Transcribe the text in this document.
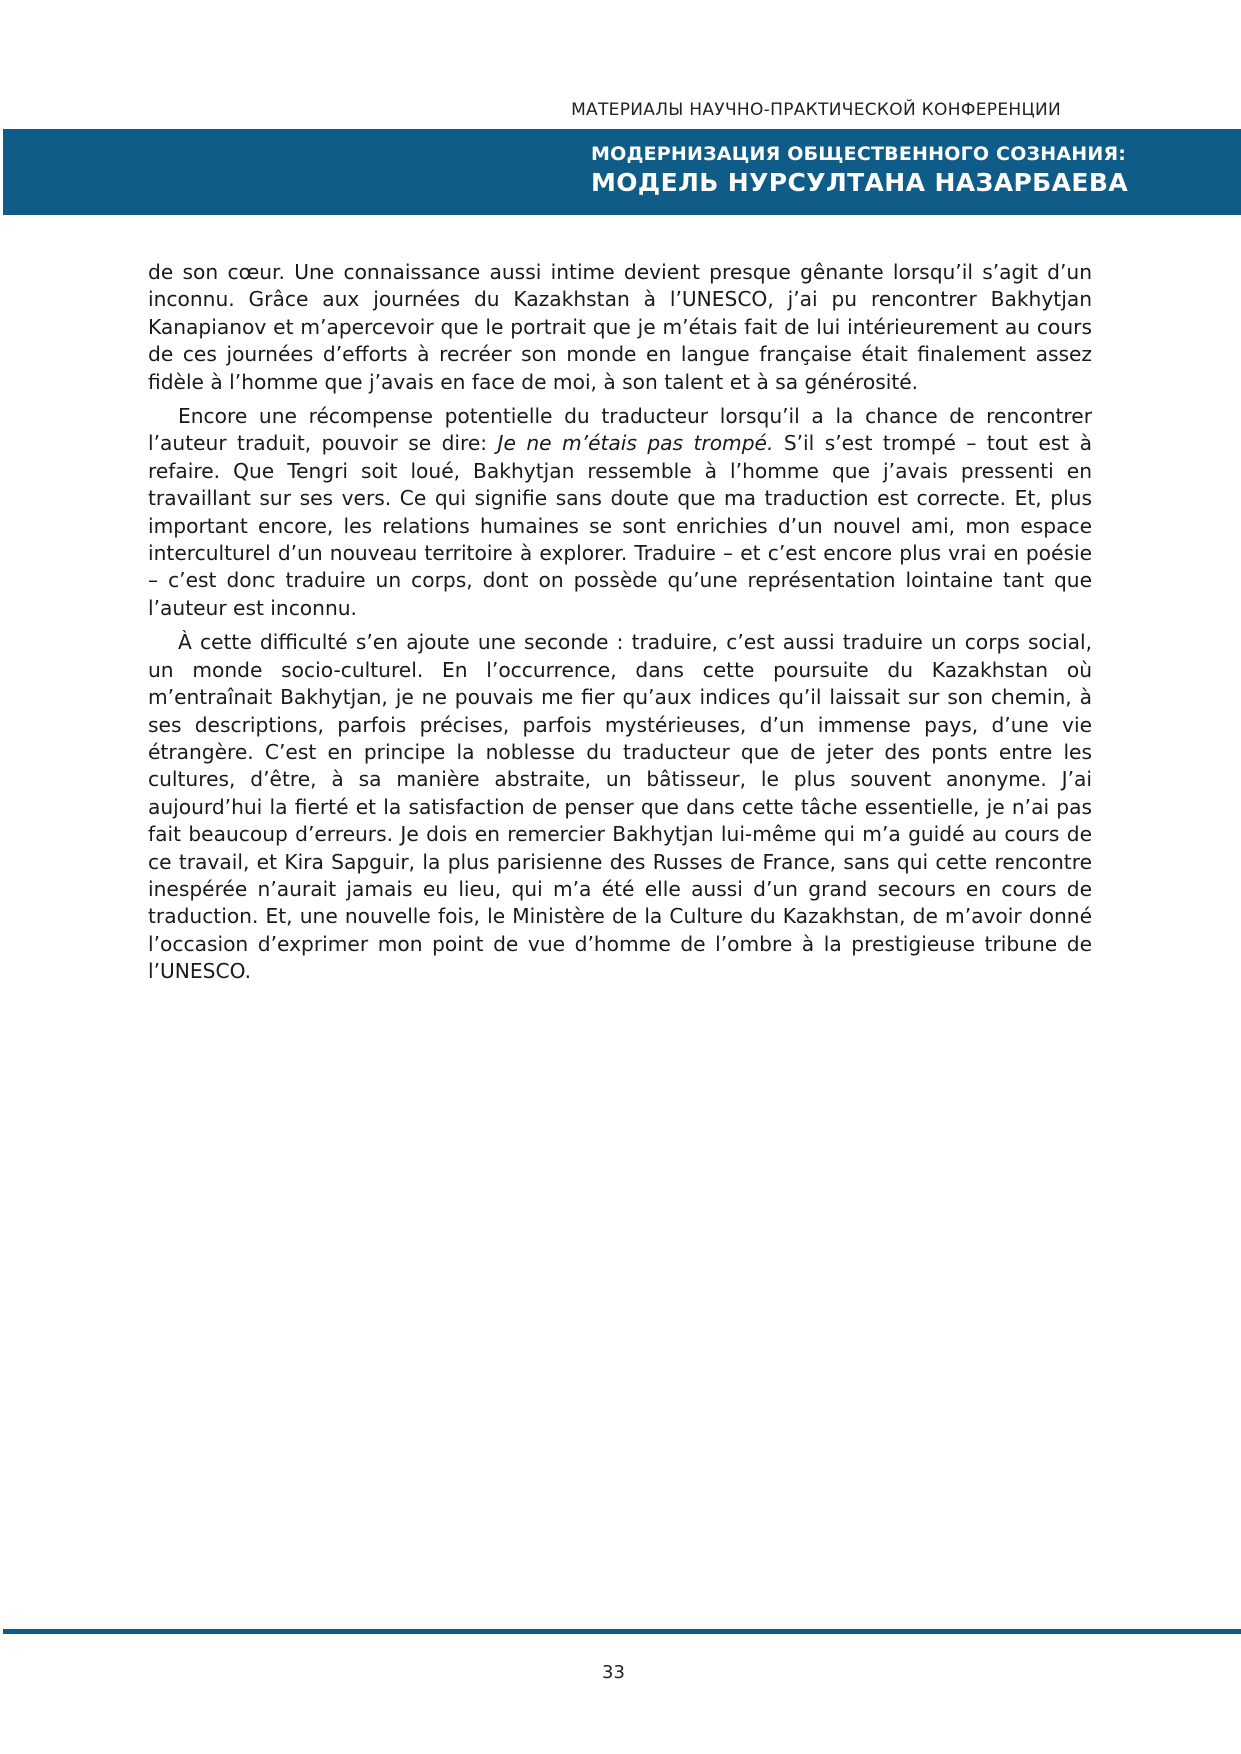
МАТЕРИАЛЫ НАУЧНО-ПРАКТИЧЕСКОЙ КОНФЕРЕНЦИИ
МОДЕРНИЗАЦИЯ ОБЩЕСТВЕННОГО СОЗНАНИЯ:
МОДЕЛЬ НУРСУЛТАНА НАЗАРБАЕВА

de son cœur. Une connaissance aussi intime devient presque gênante lorsqu’il s’agit d’un inconnu. Grâce aux journées du Kazakhstan à l’UNESCO, j’ai pu rencontrer Bakhytjan Kanapianov et m’apercevoir que le portrait que je m’étais fait de lui intérieurement au cours de ces journées d’efforts à recréer son monde en langue française était finalement assez fidèle à l’homme que j’avais en face de moi, à son talent et à sa générosité.

Encore une récompense potentielle du traducteur lorsqu’il a la chance de rencontrer l’auteur traduit, pouvoir se dire: Je ne m’étais pas trompé. S’il s’est trompé – tout est à refaire. Que Tengri soit loué, Bakhytjan ressemble à l’homme que j’avais pressenti en travaillant sur ses vers. Ce qui signifie sans doute que ma traduction est correcte. Et, plus important encore, les relations humaines se sont enrichies d’un nouvel ami, mon espace interculturel d’un nouveau territoire à explorer. Traduire – et c’est encore plus vrai en poésie – c’est donc traduire un corps, dont on possède qu’une représentation lointaine tant que l’auteur est inconnu.

À cette difficulté s’en ajoute une seconde : traduire, c’est aussi traduire un corps social, un monde socio-culturel. En l’occurrence, dans cette poursuite du Kazakhstan où m’entraînait Bakhytjan, je ne pouvais me fier qu’aux indices qu’il laissait sur son chemin, à ses descriptions, parfois précises, parfois mystérieuses, d’un immense pays, d’une vie étrangère. C’est en principe la noblesse du traducteur que de jeter des ponts entre les cultures, d’être, à sa manière abstraite, un bâtisseur, le plus souvent anonyme. J’ai aujourd’hui la fierté et la satisfaction de penser que dans cette tâche essentielle, je n’ai pas fait beaucoup d’erreurs. Je dois en remercier Bakhytjan lui-même qui m’a guidé au cours de ce travail, et Kira Sapguir, la plus parisienne des Russes de France, sans qui cette rencontre inespérée n’aurait jamais eu lieu, qui m’a été elle aussi d’un grand secours en cours de traduction. Et, une nouvelle fois, le Ministère de la Culture du Kazakhstan, de m’avoir donné l’occasion d’exprimer mon point de vue d’homme de l’ombre à la prestigieuse tribune de l’UNESCO.

33
